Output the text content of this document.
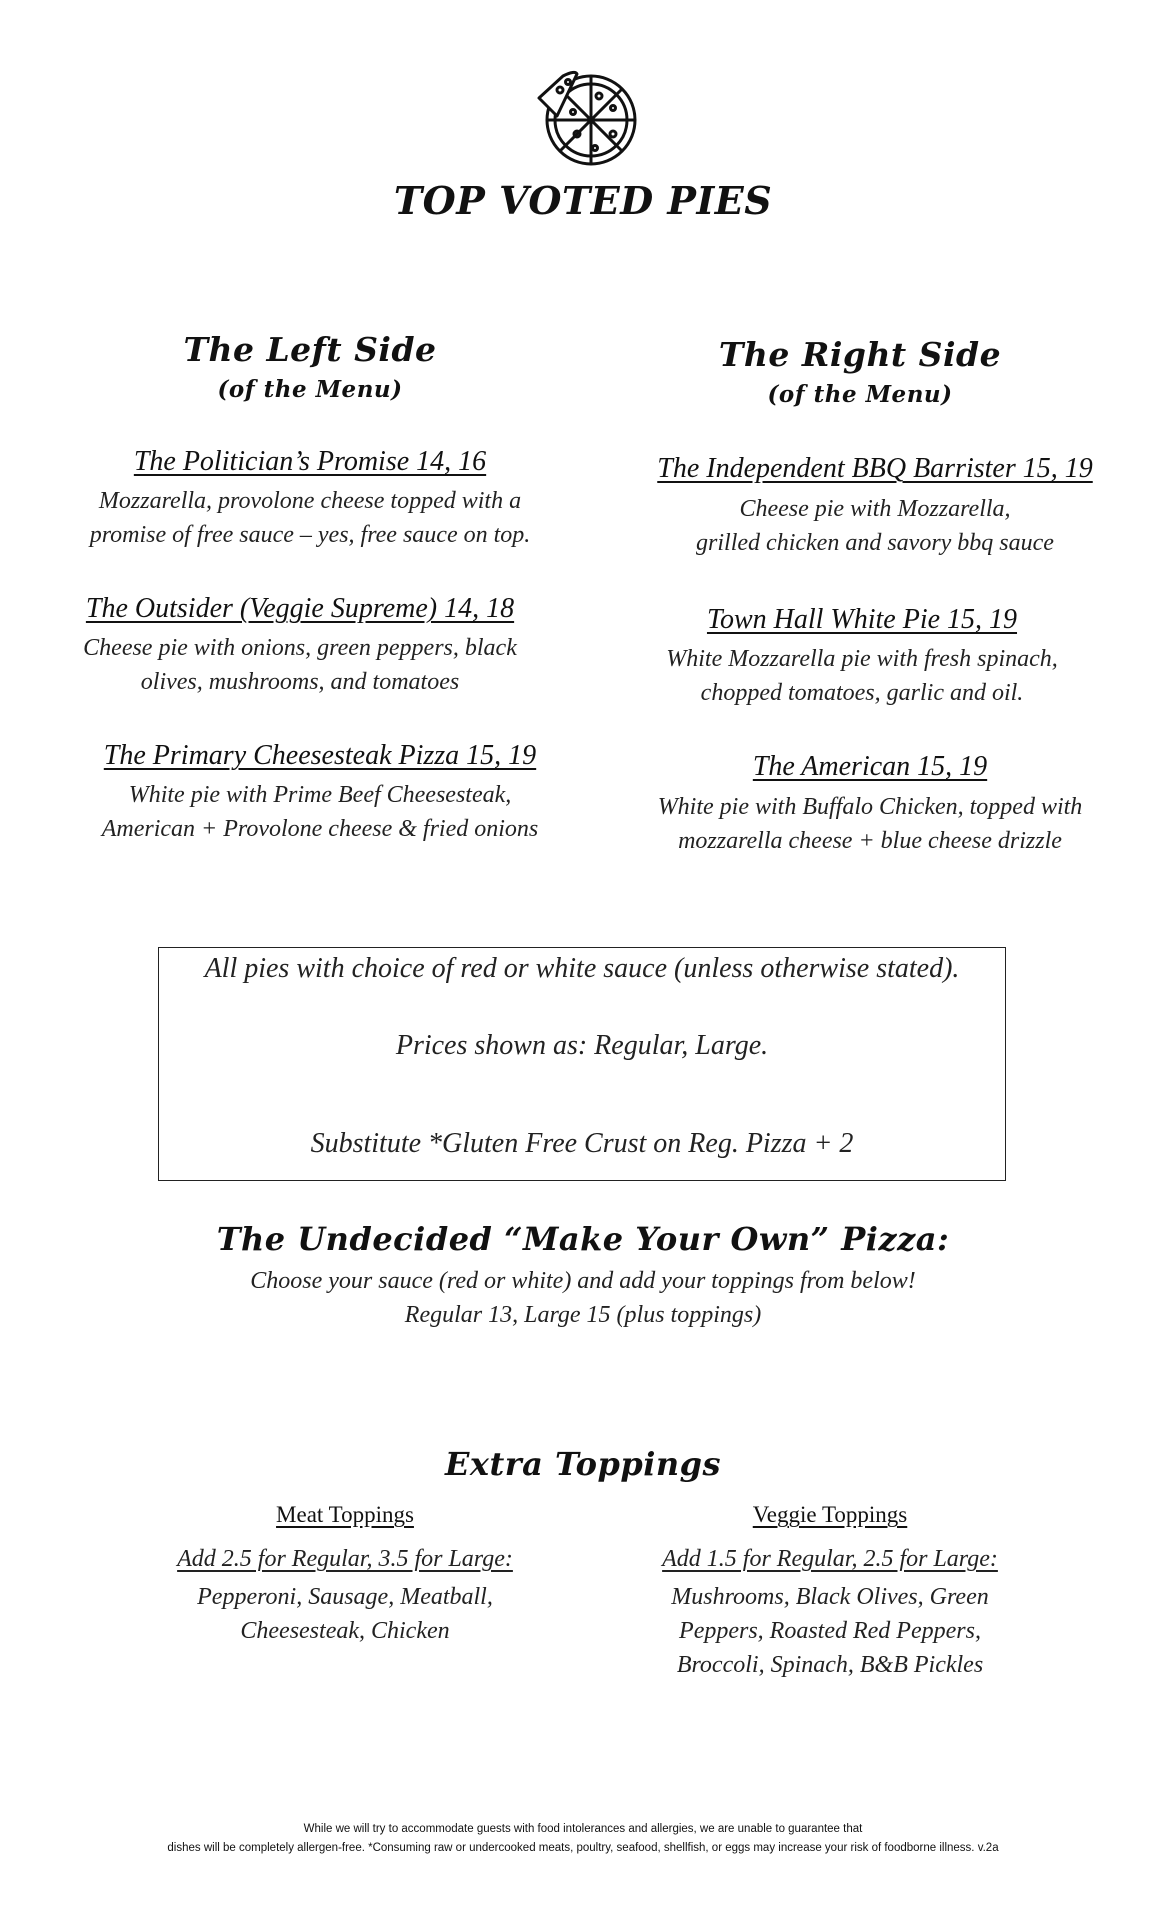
TOP VOTED PIES
The Left Side
(of the Menu)
The Politician’s Promise 14, 16
Mozzarella, provolone cheese topped with a
promise of free sauce – yes, free sauce on top.
The Outsider (Veggie Supreme) 14, 18
Cheese pie with onions, green peppers, black
olives, mushrooms, and tomatoes
The Primary Cheesesteak Pizza 15, 19
White pie with Prime Beef Cheesesteak,
American + Provolone cheese & fried onions
The Right Side
(of the Menu)
The Independent BBQ Barrister 15, 19
Cheese pie with Mozzarella,
grilled chicken and savory bbq sauce
Town Hall White Pie 15, 19
White Mozzarella pie with fresh spinach,
chopped tomatoes, garlic and oil.
The American 15, 19
White pie with Buffalo Chicken, topped with
mozzarella cheese + blue cheese drizzle
All pies with choice of red or white sauce (unless otherwise stated).
Prices shown as: Regular, Large.
Substitute *Gluten Free Crust on Reg. Pizza + 2
The Undecided “Make Your Own” Pizza:
Choose your sauce (red or white) and add your toppings from below!
Regular 13, Large 15 (plus toppings)
Extra Toppings
Meat Toppings
Add 2.5 for Regular, 3.5 for Large:
Pepperoni, Sausage, Meatball,
Cheesesteak, Chicken
Veggie Toppings
Add 1.5 for Regular, 2.5 for Large:
Mushrooms, Black Olives, Green
Peppers, Roasted Red Peppers,
Broccoli, Spinach, B&B Pickles
While we will try to accommodate guests with food intolerances and allergies, we are unable to guarantee that
dishes will be completely allergen-free. *Consuming raw or undercooked meats, poultry, seafood, shellfish, or eggs may increase your risk of foodborne illness. v.2a
